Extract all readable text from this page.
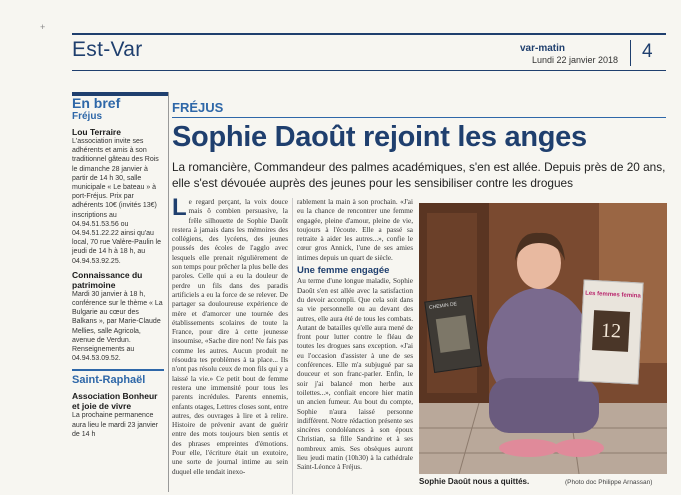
+
Est-Var	var-matin
Lundi 22 janvier 2018 4
En bref
Fréjus
Lou Terraire
L'association invite ses adhérents et amis à son traditionnel gâteau des Rois le dimanche 28 janvier à partir de 14 h 30, salle municipale « Le bateau » à port-Fréjus. Prix par adhérents 10€ (invités 13€) inscriptions au 04.94.51.53.56 ou 04.94.51.22.22 ainsi qu'au local, 70 rue Valère-Paulin le jeudi de 14 h à 18 h, au 04.94.53.92.25.
Connaissance du patrimoine
Mardi 30 janvier à 18 h, conférence sur le thème « La Bulgarie au cœur des Balkans », par Marie-Claude Mellies, salle Agricola, avenue de Verdun. Renseignements au 04.94.53.09.52.
Saint-Raphaël
Association Bonheur et joie de vivre
La prochaine permanence aura lieu le mardi 23 janvier de 14 h
FRÉJUS
Sophie Daoût rejoint les anges
La romancière, Commandeur des palmes académiques, s'en est allée. Depuis près de 20 ans, elle s'est dévouée auprès des jeunes pour les sensibiliser contre les drogues
Le regard perçant, la voix douce mais ô combien persuasive, la frêle silhouette de Sophie Daoût restera à jamais dans les mémoires des collégiens, des lycéens, des jeunes poussés des écoles de l'agglo avec lesquels elle prenait régulièrement de son temps pour prêcher la plus belle des paroles. Celle qui a eu la douleur de perdre un fils dans des paradis artificiels a eu la force de se relever. De partager sa douloureuse expérience de mère et d'amorcer une tournée des établissements scolaires de toute la France, pour dire à cette jeunesse insoumise, «Sache dire non! Ne fais pas comme les autres. Aucun produit ne résoudra tes problèmes à ta place... Ils n'ont pas résolu ceux de mon fils qui y a laissé la vie.» Ce petit bout de femme restera une immensité pour tous les parents incrédules. Parents ennemis, enfants otages, Lettres closes sont, entre autres, des ouvrages à lire et à relire. Histoire de prévenir avant de guérir entre des mots toujours bien sentis et des phrases empreintes d'émotions. Pour elle, l'écriture était un exutoire, une sorte de journal intime au sein duquel elle tendait inexo-
rablement la main à son prochain. «J'ai eu la chance de rencontrer une femme engagée, pleine d'amour, pleine de vie, toujours à l'écoute. Elle a passé sa retraite à aider les autres...», confie le cœur gros Annick, l'une de ses amies intimes depuis un quart de siècle.
Une femme engagée
Au terme d'une longue maladie, Sophie Daoût s'en est allée avec la satisfaction du devoir accompli. Que cela soit dans sa vie personnelle ou au devant des autres, elle aura été de tous les combats. Autant de batailles qu'elle aura mené de front pour lutter contre le fléau de toutes les drogues sans exception. «J'ai eu l'occasion d'assister à une de ses conférences. Elle m'a subjugué par sa douceur et son franc-parler. Enfin, le soir j'ai balancé mon herbe aux toilettes...», confiait encore hier matin un ancien fumeur. Au bout du compte, Sophie n'aura laissé personne indifférent. Notre rédaction présente ses sincères condoléances à son époux Christian, sa fille Sandrine et à ses nombreux amis. Ses obsèques auront lieu jeudi matin (10h30) à la cathédrale Saint-Léonce à Fréjus.
CHEMIN DE
Les femmes femina
12
Sophie Daoût nous a quittés.	(Photo doc Philippe Arnassan)
